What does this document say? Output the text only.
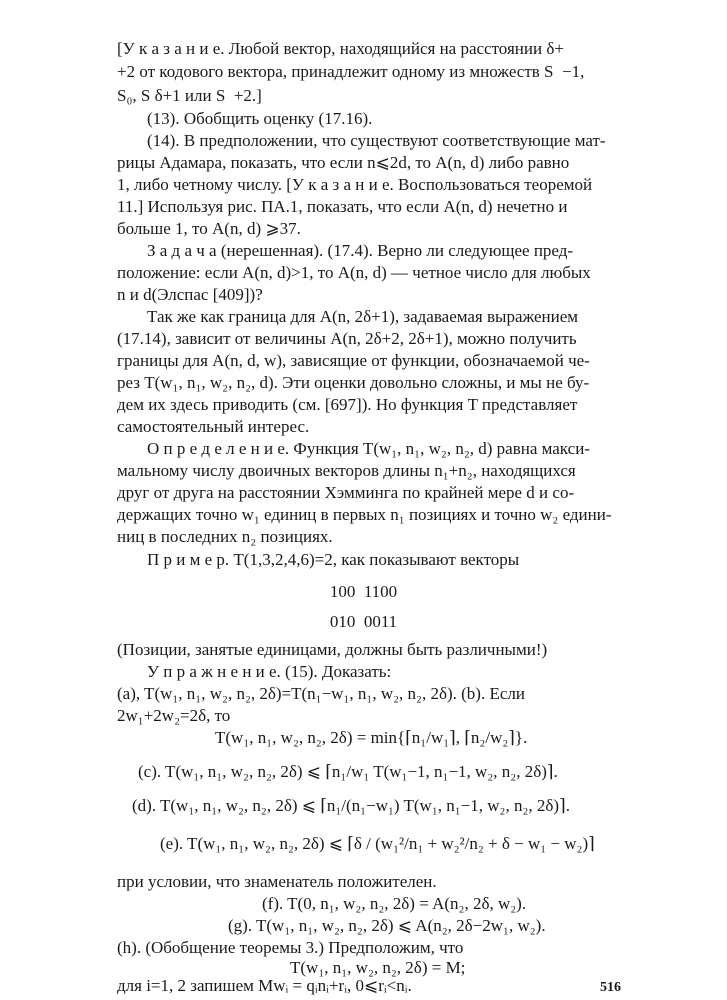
[У к а з а н и е. Любой вектор, находящийся на расстоянии δ+
+2 от кодового вектора, принадлежит одному из множеств S  −1,
S₀, S δ+1 или S  +2.]
(13). Обобщить оценку (17.16).
(14). В предположении, что существуют соответствующие мат-
рицы Адамара, показать, что если n⩽2d, то A(n, d) либо равно
1, либо четному числу. [У к а з а н и е. Воспользоваться теоремой
11.] Используя рис. ПА.1, показать, что если A(n, d) нечетно и
больше 1, то A(n, d) ⩾37.
З а д а ч а (нерешенная). (17.4). Верно ли следующее пред-
положение: если A(n, d)>1, то A(n, d) — четное число для любых
n и d(Элспас [409])?
Так же как граница для A(n, 2δ+1), задаваемая выражением
(17.14), зависит от величины A(n, 2δ+2, 2δ+1), можно получить
границы для A(n, d, w), зависящие от функции, обозначаемой че-
рез T(w₁, n₁, w₂, n₂, d). Эти оценки довольно сложны, и мы не бу-
дем их здесь приводить (см. [697]). Но функция T представляет
самостоятельный интерес.
О п р е д е л е н и е. Функция T(w₁, n₁, w₂, n₂, d) равна макси-
мальному числу двоичных векторов длины n₁+n₂, находящихся
друг от друга на расстоянии Хэмминга по крайней мере d и со-
держащих точно w₁ единиц в первых n₁ позициях и точно w₂ едини-
ниц в последних n₂ позициях.
П р и м е р. T(1,3,2,4,6)=2, как показывают векторы
100  1100
010  0011
(Позиции, занятые единицами, должны быть различными!)
У п р а ж н е н и е. (15). Доказать:
(a), T(w₁, n₁, w₂, n₂, 2δ)=T(n₁−w₁, n₁, w₂, n₂, 2δ). (b). Если
2w₁+2w₂=2δ, то
T(w₁, n₁, w₂, n₂, 2δ) = min{⌈n₁/w₁⌉, ⌈n₂/w₂⌉}.
(c). T(w₁, n₁, w₂, n₂, 2δ) ⩽ ⌈n₁/w₁ T(w₁−1, n₁−1, w₂, n₂, 2δ)⌉.
(d). T(w₁, n₁, w₂, n₂, 2δ) ⩽ ⌈n₁/(n₁−w₁) T(w₁, n₁−1, w₂, n₂, 2δ)⌉.
(e). T(w₁, n₁, w₂, n₂, 2δ) ⩽ ⌈δ / (w₁²/n₁ + w₂²/n₂ + δ − w₁ − w₂)⌉
при условии, что знаменатель положителен.
(f). T(0, n₁, w₂, n₂, 2δ) = A(n₂, 2δ, w₂).
(g). T(w₁, n₁, w₂, n₂, 2δ) ⩽ A(n₂, 2δ−2w₁, w₂).
(h). (Обобщение теоремы 3.) Предположим, что
T(w₁, n₁, w₂, n₂, 2δ) = M;
для i=1, 2 запишем Mwᵢ = qᵢnᵢ+rᵢ, 0⩽rᵢ<nᵢ.	516
